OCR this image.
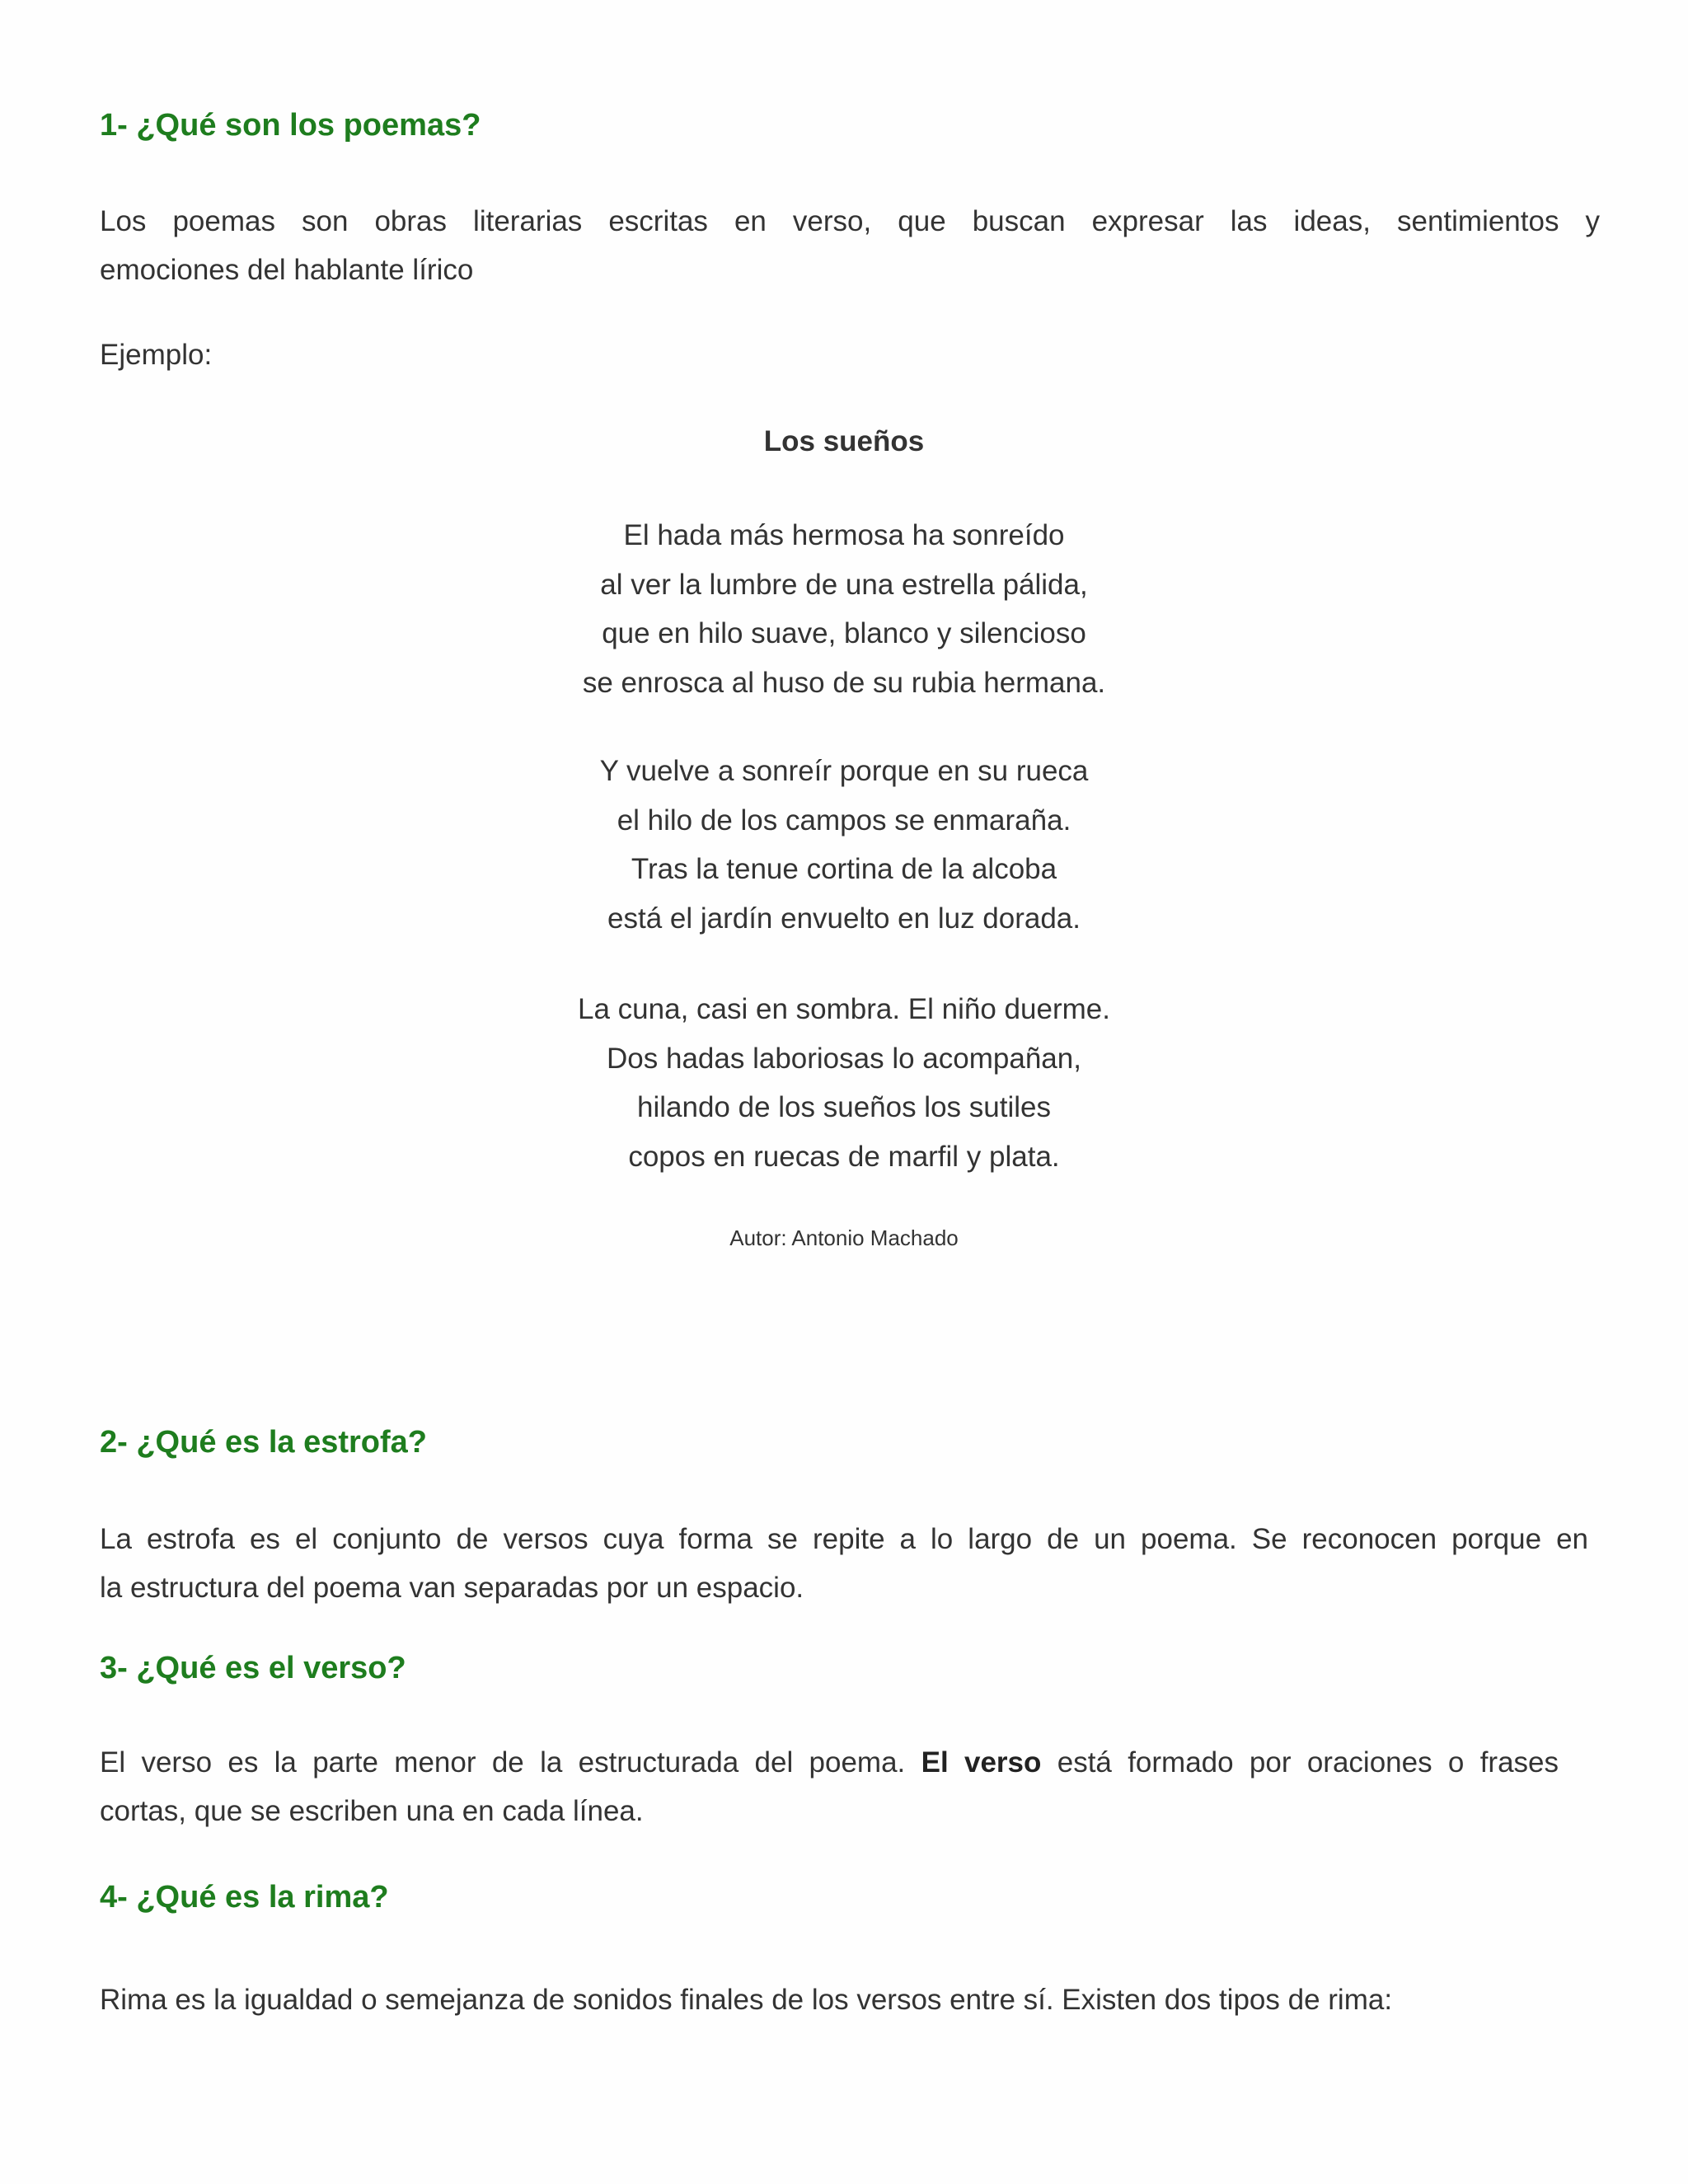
1- ¿Qué son los poemas?

Los poemas son obras literarias escritas en verso, que buscan expresar las ideas, sentimientos y
emociones del hablante lírico

Ejemplo:

Los sueños
El hada más hermosa ha sonreído
al ver la lumbre de una estrella pálida,
que en hilo suave, blanco y silencioso
se enrosca al huso de su rubia hermana.
Y vuelve a sonreír porque en su rueca
el hilo de los campos se enmaraña.
Tras la tenue cortina de la alcoba
está el jardín envuelto en luz dorada.
La cuna, casi en sombra. El niño duerme.
Dos hadas laboriosas lo acompañan,
hilando de los sueños los sutiles
copos en ruecas de marfil y plata.

Autor: Antonio Machado

2- ¿Qué es la estrofa?

La estrofa es el conjunto de versos cuya forma se repite a lo largo de un poema. Se reconocen porque en
la estructura del poema van separadas por un espacio.

3- ¿Qué es el verso?

El verso es la parte menor de la estructurada del poema. El verso está formado por oraciones o frases
cortas, que se escriben una en cada línea.

4- ¿Qué es la rima?

Rima es la igualdad o semejanza de sonidos finales de los versos entre sí. Existen dos tipos de rima:
